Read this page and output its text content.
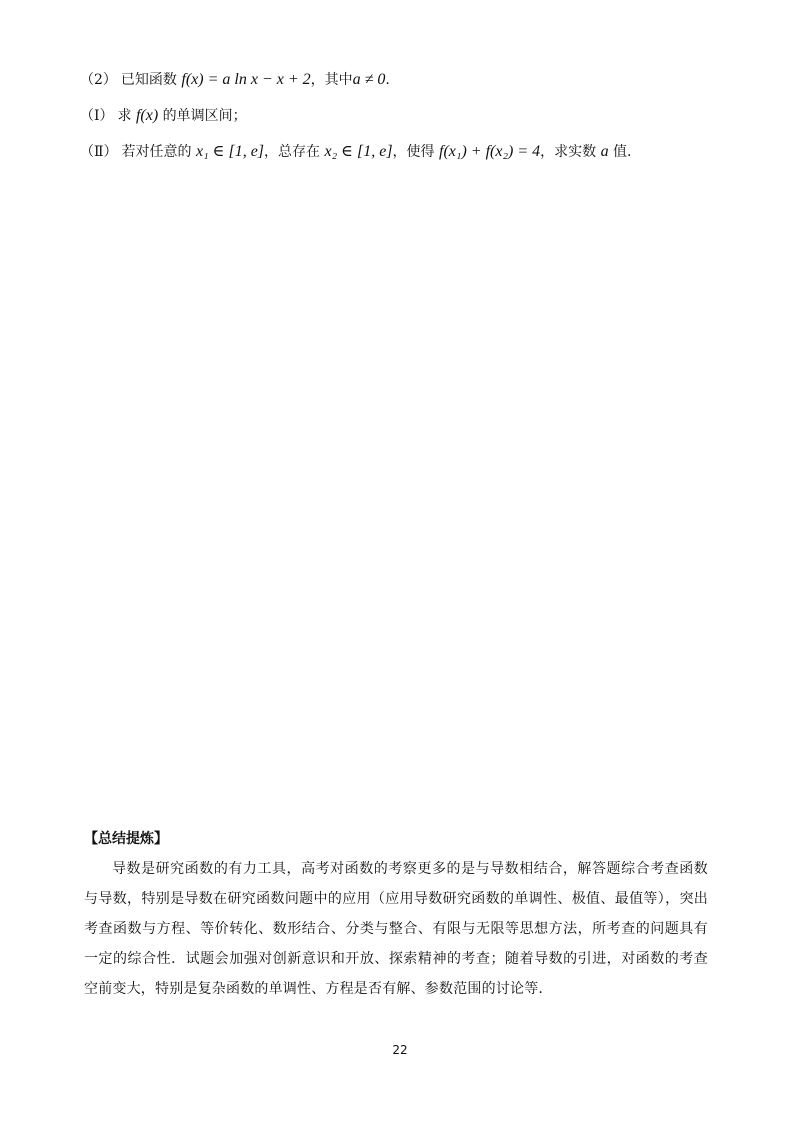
（2） 已知函数 f(x) = a ln x − x + 2，其中a ≠ 0.
（Ⅰ） 求 f(x) 的单调区间；
（Ⅱ） 若对任意的 x₁ ∈ [1, e]，总存在 x₂ ∈ [1, e]，使得 f(x₁) + f(x₂) = 4，求实数 a 值.
【总结提炼】
导数是研究函数的有力工具，高考对函数的考察更多的是与导数相结合，解答题综合考查函数与导数，特别是导数在研究函数问题中的应用（应用导数研究函数的单调性、极值、最值等），突出考查函数与方程、等价转化、数形结合、分类与整合、有限与无限等思想方法，所考查的问题具有一定的综合性．试题会加强对创新意识和开放、探索精神的考查；随着导数的引进，对函数的考查空前变大，特别是复杂函数的单调性、方程是否有解、参数范围的讨论等.
22
